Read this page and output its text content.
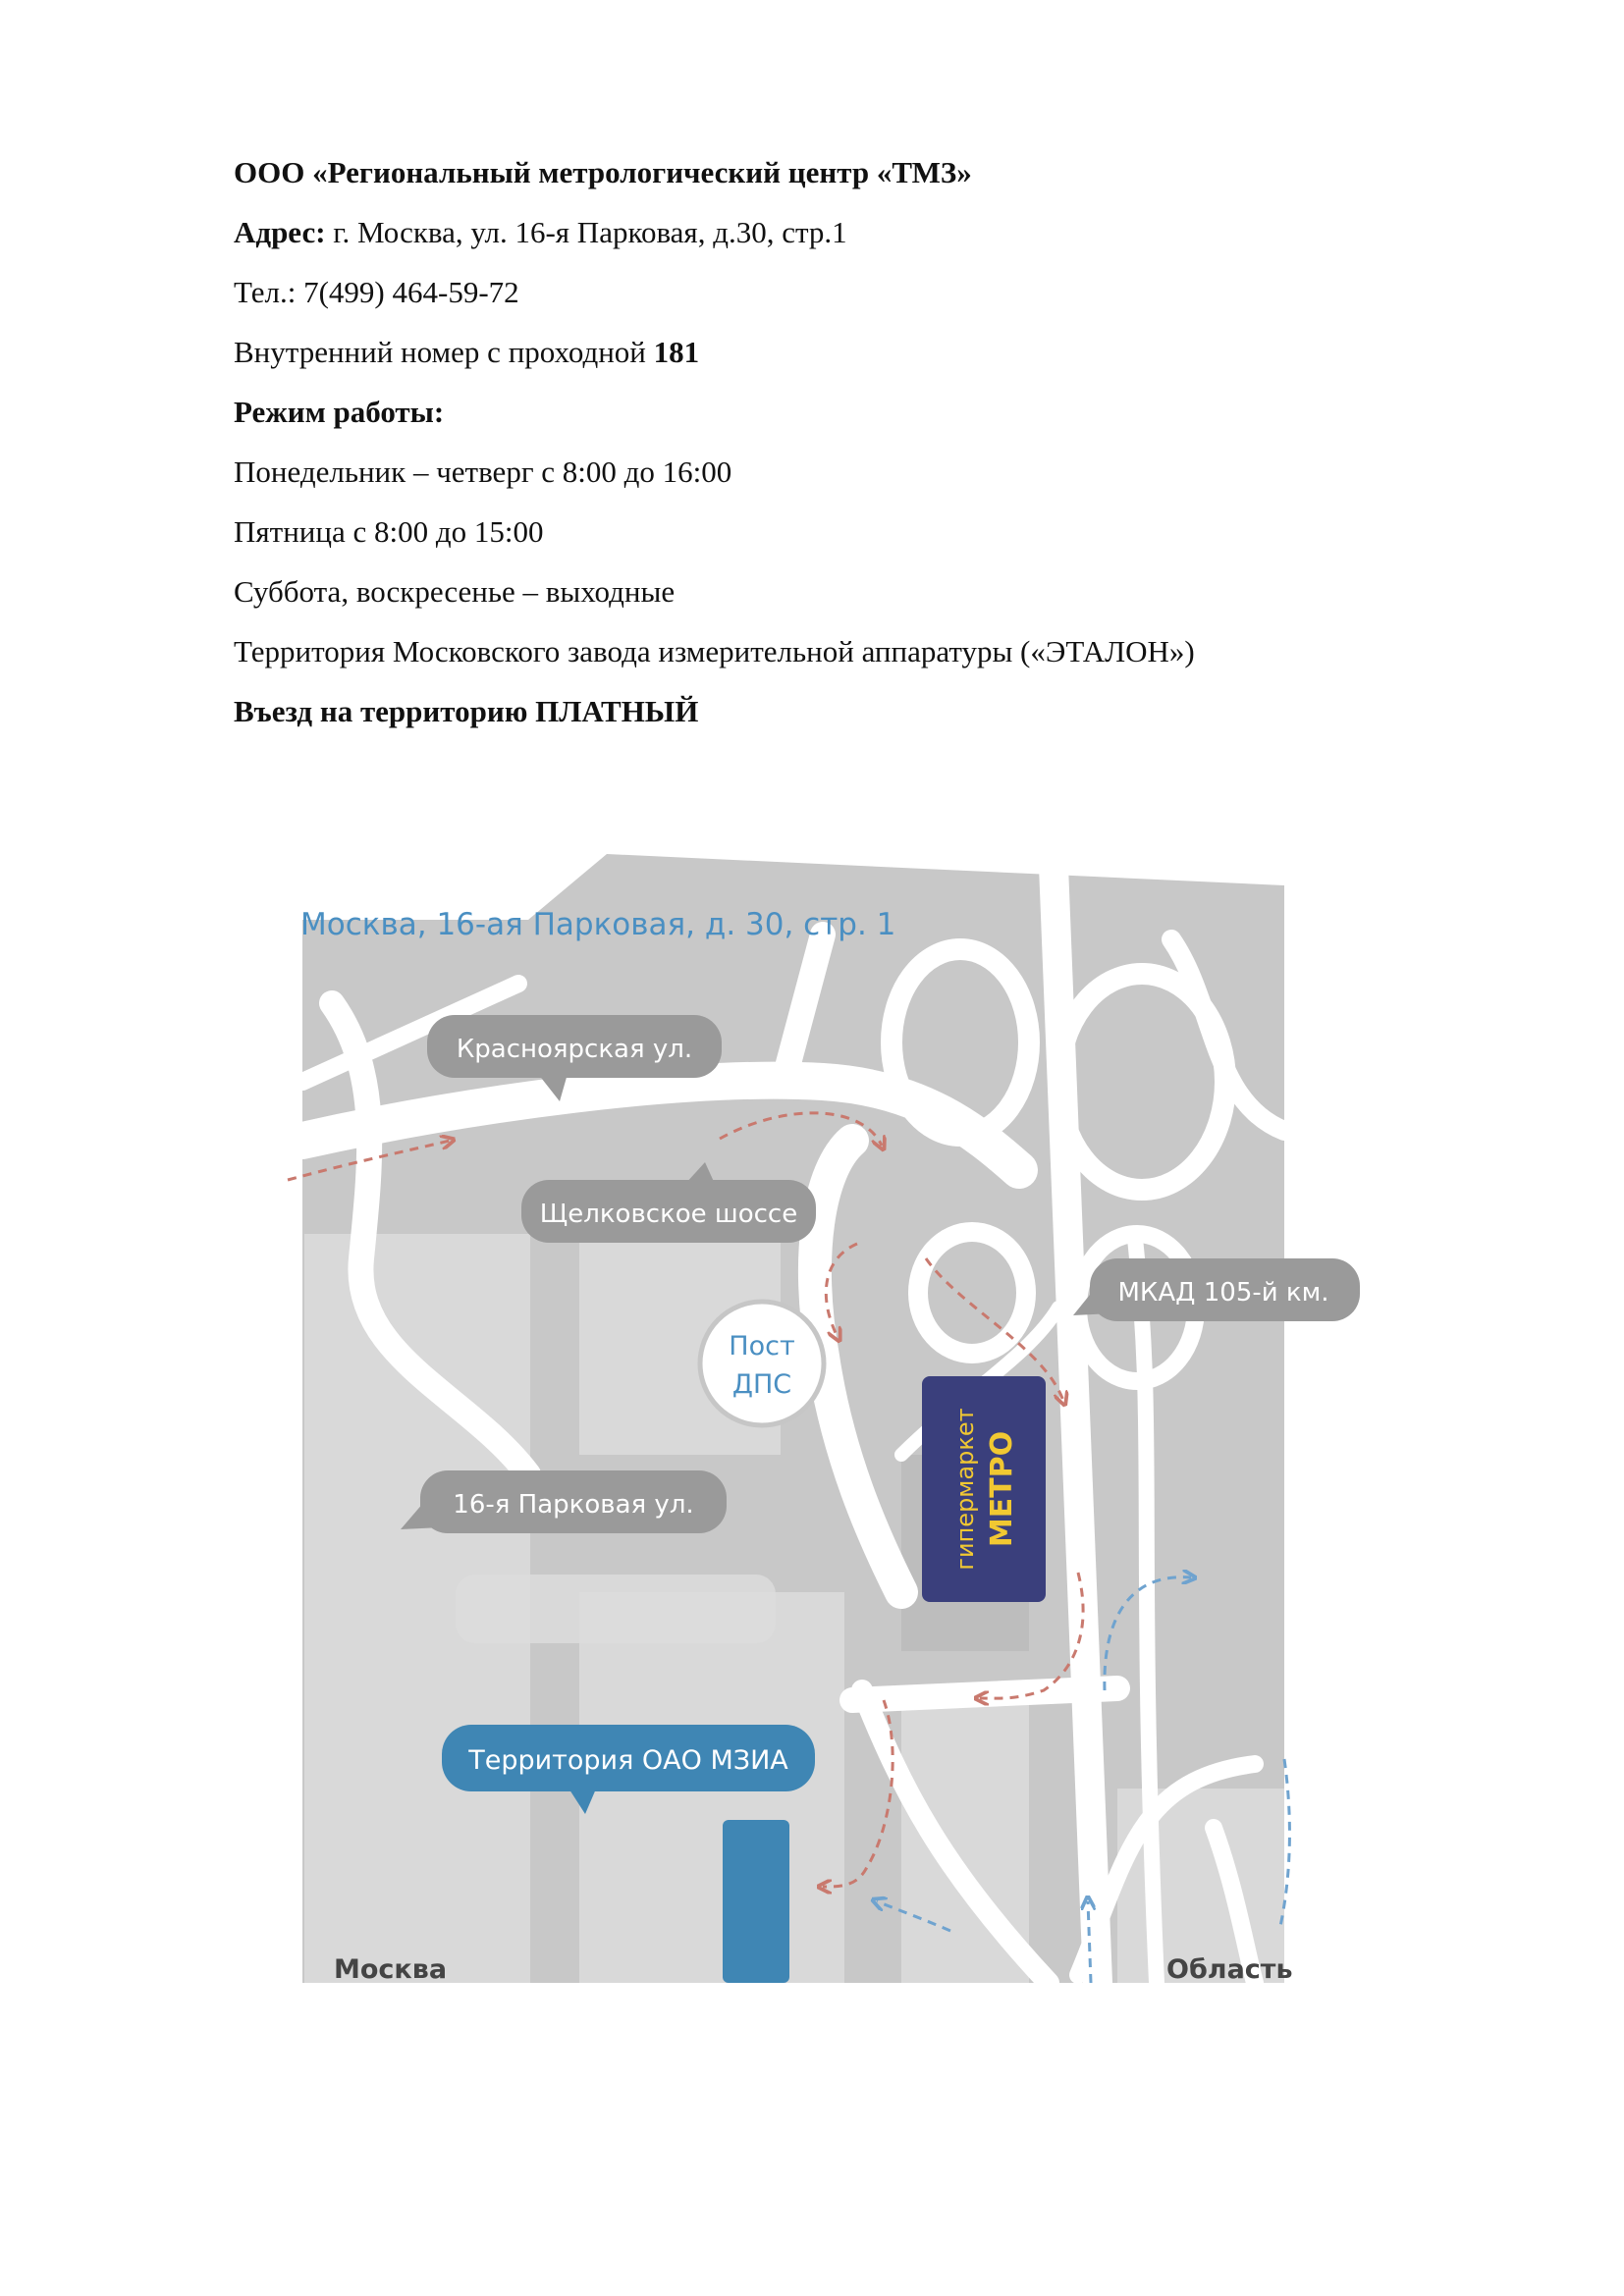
ООО «Региональный метрологический центр «ТМЗ»
Адрес: г. Москва, ул. 16-я Парковая, д.30, стр.1
Тел.: 7(499) 464-59-72
Внутренний номер с проходной 181
Режим работы:
Понедельник – четверг с 8:00 до 16:00
Пятница с 8:00 до 15:00
Суббота, воскресенье – выходные
Территория Московского завода измерительной аппаратуры («ЭТАЛОН»)
Въезд на территорию ПЛАТНЫЙ
Москва, 16-ая Парковая, д. 30, стр. 1
Красноярская ул.
Щелковское шоссе
МКАД 105-й км.
16-я Парковая ул.
Территория ОАО МЗИА
Пост
ДПС
гипермаркет МЕТРО
Москва	Область
